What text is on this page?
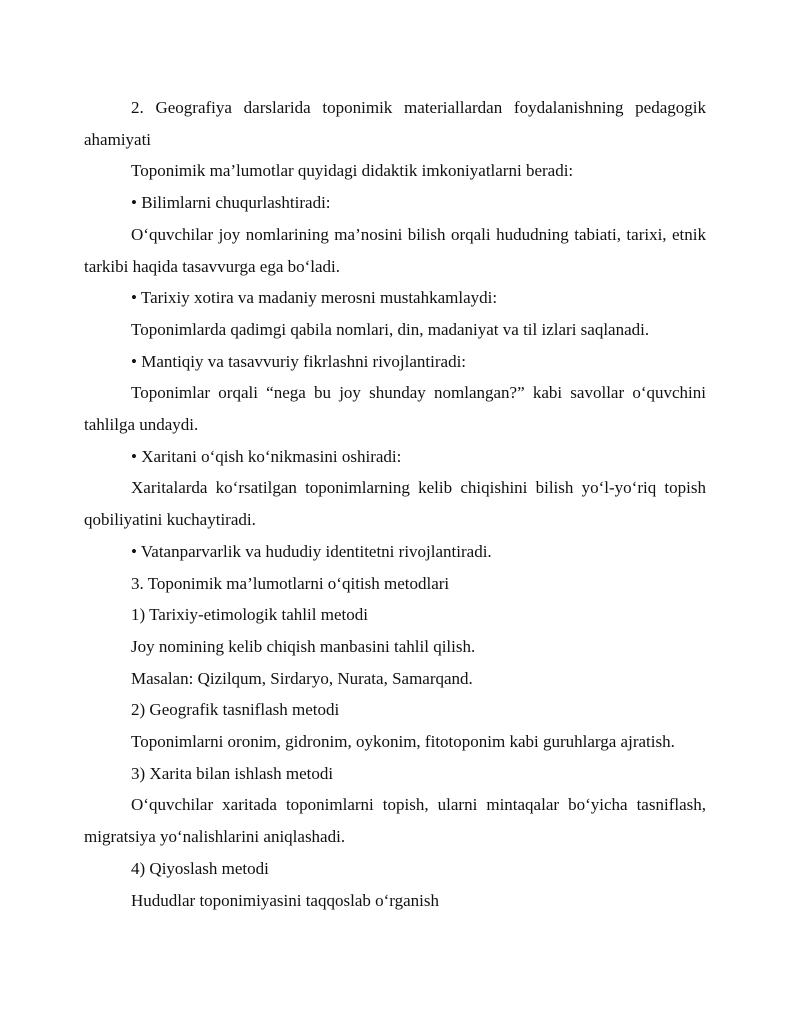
2. Geografiya darslarida toponimik materiallardan foydalanishning pedagogik ahamiyati

Toponimik ma’lumotlar quyidagi didaktik imkoniyatlarni beradi:

• Bilimlarni chuqurlashtiradi:

O‘quvchilar joy nomlarining ma’nosini bilish orqali hududning tabiati, tarixi, etnik tarkibi haqida tasavvurga ega bo‘ladi.

• Tarixiy xotira va madaniy merosni mustahkamlaydi:

Toponimlarda qadimgi qabila nomlari, din, madaniyat va til izlari saqlanadi.

• Mantiqiy va tasavvuriy fikrlashni rivojlantiradi:

Toponimlar orqali “nega bu joy shunday nomlangan?” kabi savollar o‘quvchini tahlilga undaydi.

• Xaritani o‘qish ko‘nikmasini oshiradi:

Xaritalarda ko‘rsatilgan toponimlarning kelib chiqishini bilish yo‘l-yo‘riq topish qobiliyatini kuchaytiradi.

• Vatanparvarlik va hududiy identitetni rivojlantiradi.

3. Toponimik ma’lumotlarni o‘qitish metodlari

1) Tarixiy-etimologik tahlil metodi

Joy nomining kelib chiqish manbasini tahlil qilish.

Masalan: Qizilqum, Sirdaryo, Nurata, Samarqand.

2) Geografik tasniflash metodi

Toponimlarni oronim, gidronim, oykonim, fitotoponim kabi guruhlarga ajratish.

3) Xarita bilan ishlash metodi

O‘quvchilar xaritada toponimlarni topish, ularni mintaqalar bo‘yicha tasniflash, migratsiya yo‘nalishlarini aniqlashadi.

4) Qiyoslash metodi

Hududlar toponimiyasini taqqoslab o‘rganish
